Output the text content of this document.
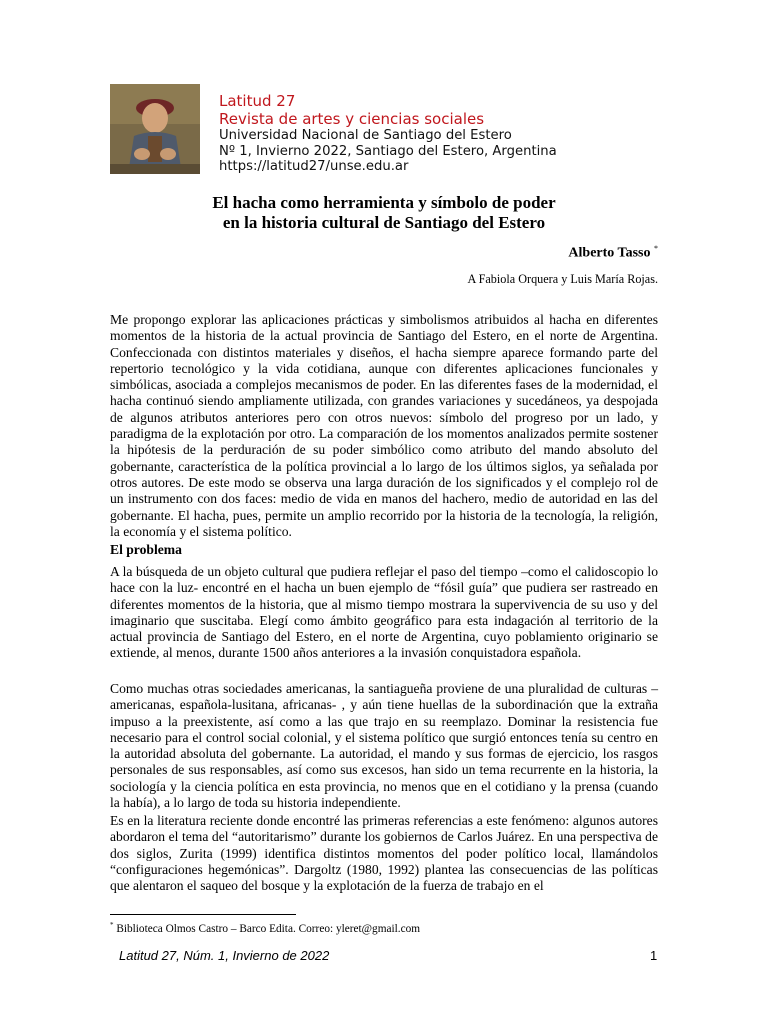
Latitud 27

Revista de artes y ciencias sociales

Universidad Nacional de Santiago del Estero

Nº 1, Invierno 2022, Santiago del Estero, Argentina

https://latitud27/unse.edu.ar

El hacha como herramienta y símbolo de poder
en la historia cultural de Santiago del Estero
Alberto Tasso *
A Fabiola Orquera y Luis María Rojas.

Me propongo explorar las aplicaciones prácticas y simbolismos atribuidos al hacha en diferentes momentos de la historia de la actual provincia de Santiago del Estero, en el norte de Argentina. Confeccionada con distintos materiales y diseños, el hacha siempre aparece formando parte del repertorio tecnológico y la vida cotidiana, aunque con diferentes aplicaciones funcionales y simbólicas, asociada a complejos mecanismos de poder. En las diferentes fases de la modernidad, el hacha continuó siendo ampliamente utilizada, con grandes variaciones y sucedáneos, ya despojada de algunos atributos anteriores pero con otros nuevos: símbolo del progreso por un lado, y paradigma de la explotación por otro. La comparación de los momentos analizados permite sostener la hipótesis de la perduración de su poder simbólico como atributo del mando absoluto del gobernante, característica de la política provincial a lo largo de los últimos siglos, ya señalada por otros autores. De este modo se observa una larga duración de los significados y el complejo rol de un instrumento con dos faces: medio de vida en manos del hachero, medio de autoridad en las del gobernante. El hacha, pues, permite un amplio recorrido por la historia de la tecnología, la religión, la economía y el sistema político.

El problema

A la búsqueda de un objeto cultural que pudiera reflejar el paso del tiempo –como el calidoscopio lo hace con la luz- encontré en el hacha un buen ejemplo de “fósil guía” que pudiera ser rastreado en diferentes momentos de la historia, que al mismo tiempo mostrara la supervivencia de su uso y del imaginario que suscitaba. Elegí como ámbito geográfico para esta indagación al territorio de la actual provincia de Santiago del Estero, en el norte de Argentina, cuyo poblamiento originario se extiende, al menos, durante 1500 años anteriores a la invasión conquistadora española.

Como muchas otras sociedades americanas, la santiagueña proviene de una pluralidad de culturas –americanas, española-lusitana, africanas- , y aún tiene huellas de la subordinación que la extraña impuso a la preexistente, así como a las que trajo en su reemplazo. Dominar la resistencia fue necesario para el control social colonial, y el sistema político que surgió entonces tenía su centro en la autoridad absoluta del gobernante. La autoridad, el mando y sus formas de ejercicio, los rasgos personales de sus responsables, así como sus excesos, han sido un tema recurrente en la historia, la sociología y la ciencia política en esta provincia, no menos que en el cotidiano y la prensa (cuando la había), a lo largo de toda su historia independiente.

Es en la literatura reciente donde encontré las primeras referencias a este fenómeno: algunos autores abordaron el tema del “autoritarismo” durante los gobiernos de Carlos Juárez. En una perspectiva de dos siglos, Zurita (1999) identifica distintos momentos del poder político local, llamándolos “configuraciones hegemónicas”. Dargoltz (1980, 1992) plantea las consecuencias de las políticas que alentaron el saqueo del bosque y la explotación de la fuerza de trabajo en el

* Biblioteca Olmos Castro – Barco Edita. Correo: yleret@gmail.com
Latitud 27, Núm. 1, Invierno de 2022	1
